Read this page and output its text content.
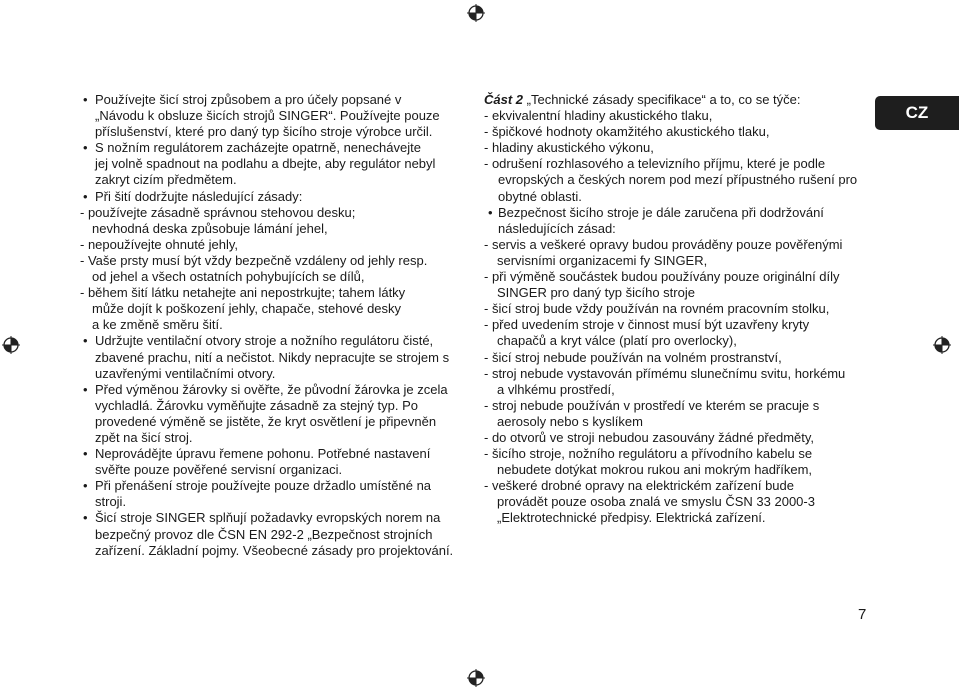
• Používejte šicí stroj způsobem a pro účely popsané v
„Návodu k obsluze šicích strojů SINGER“. Používejte pouze
příslušenství, které pro daný typ šicího stroje výrobce určil.
• S nožním regulátorem zacházejte opatrně, nenechávejte
jej volně spadnout na podlahu a dbejte, aby regulátor nebyl
zakryt cizím předmětem.
• Při šití dodržujte následující zásady:
- používejte zásadně správnou stehovou desku;
nevhodná deska způsobuje lámání jehel,
- nepoužívejte ohnuté jehly,
- Vaše prsty musí být vždy bezpečně vzdáleny od jehly resp.
od jehel a všech ostatních pohybujících se dílů,
- během šití látku netahejte ani nepostrkujte; tahem látky
může dojít k poškození jehly, chapače, stehové desky
a ke změně směru šití.
• Udržujte ventilační otvory stroje a nožního regulátoru čisté,
zbavené prachu, nití a nečistot. Nikdy nepracujte se strojem s
uzavřenými ventilačními otvory.
• Před výměnou žárovky si ověřte, že původní žárovka je zcela
vychladlá. Žárovku vyměňujte zásadně za stejný typ. Po
provedené výměně se jistěte, že kryt osvětlení je připevněn
zpět na šicí stroj.
• Neprovádějte úpravu řemene pohonu. Potřebné nastavení
svěřte pouze pověřené servisní organizaci.
• Při přenášení stroje používejte pouze držadlo umístěné na
stroji.
• Šicí stroje SINGER splňují požadavky evropských norem na
bezpečný provoz dle ČSN EN 292-2 „Bezpečnost strojních
zařízení. Základní pojmy. Všeobecné zásady pro projektování.
Část 2 „Technické zásady specifikace“ a to, co se týče:
- ekvivalentní hladiny akustického tlaku,
- špičkové hodnoty okamžitého akustického tlaku,
- hladiny akustického výkonu,
- odrušení rozhlasového a televizního příjmu, které je podle
evropských a českých norem pod mezí přípustného rušení pro
obytné oblasti.
• Bezpečnost šicího stroje je dále zaručena při dodržování
následujících zásad:
- servis a veškeré opravy budou prováděny pouze pověřenými
servisními organizacemi fy SINGER,
- při výměně součástek budou používány pouze originální díly
SINGER pro daný typ šicího stroje
- šicí stroj bude vždy používán na rovném pracovním stolku,
- před uvedením stroje v činnost musí být uzavřeny kryty
chapačů a kryt válce (platí pro overlocky),
- šicí stroj nebude používán na volném prostranství,
- stroj nebude vystavován přímému slunečnímu svitu, horkému
a vlhkému prostředí,
- stroj nebude používán v prostředí ve kterém se pracuje s
aerosoly nebo s kyslíkem
- do otvorů ve stroji nebudou zasouvány žádné předměty,
- šicího stroje, nožního regulátoru a přívodního kabelu se
nebudete dotýkat mokrou rukou ani mokrým hadříkem,
- veškeré drobné opravy na elektrickém zařízení bude
provádět pouze osoba znalá ve smyslu ČSN 33 2000-3
„Elektrotechnické předpisy. Elektrická zařízení.
CZ
7
